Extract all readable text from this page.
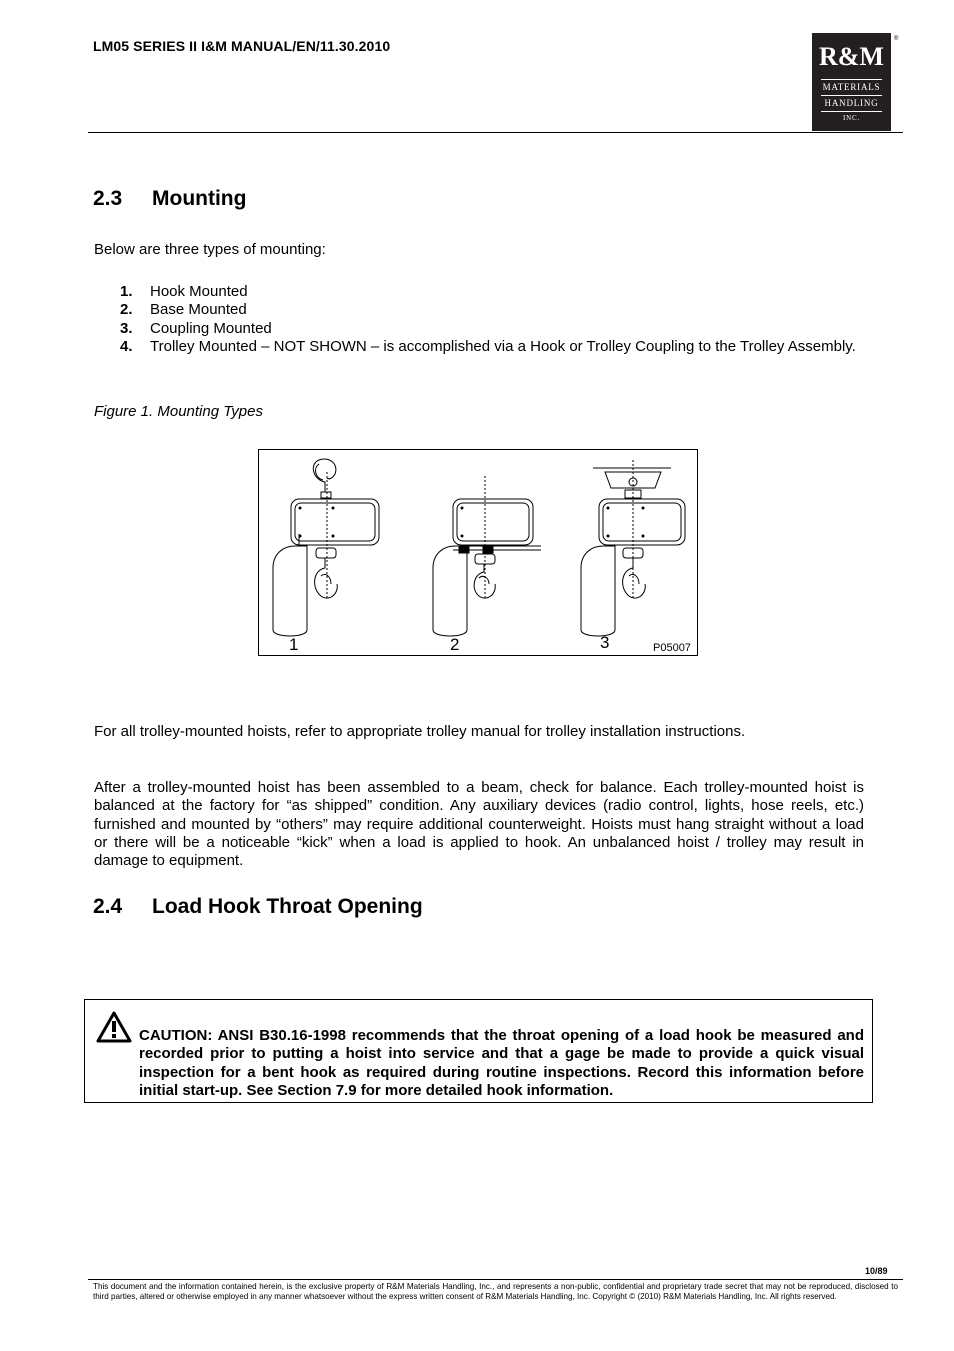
LM05 SERIES II I&M MANUAL/EN/11.30.2010	R&M
MATERIALS
HANDLING
INC.
®
2.3 Mounting

Below are three types of mounting:

1.	Hook Mounted
2.	Base Mounted
3.	Coupling Mounted
4.	Trolley Mounted – NOT SHOWN – is accomplished via a Hook or Trolley Coupling to the Trolley Assembly.

Figure 1. Mounting Types

1	2	3	P05007

For all trolley-mounted hoists, refer to appropriate trolley manual for trolley installation instructions.

After a trolley-mounted hoist has been assembled to a beam, check for balance. Each trolley-mounted hoist is balanced at the factory for “as shipped” condition. Any auxiliary devices (radio control, lights, hose reels, etc.) furnished and mounted by “others” may require additional counterweight. Hoists must hang straight without a load or there will be a noticeable “kick” when a load is applied to hook. An unbalanced hoist / trolley may result in damage to equipment.

2.4 Load Hook Throat Opening

CAUTION: ANSI B30.16-1998 recommends that the throat opening of a load hook be measured and recorded prior to putting a hoist into service and that a gage be made to provide a quick visual inspection for a bent hook as required during routine inspections. Record this information before initial start-up. See Section 7.9 for more detailed hook information.

10/89

This document and the information contained herein, is the exclusive property of R&M Materials Handling, Inc., and represents a non-public, confidential and proprietary trade secret that may not be reproduced, disclosed to third parties, altered or otherwise employed in any manner whatsoever without the express written consent of R&M Materials Handling, Inc. Copyright © (2010) R&M Materials Handling, Inc. All rights reserved.
